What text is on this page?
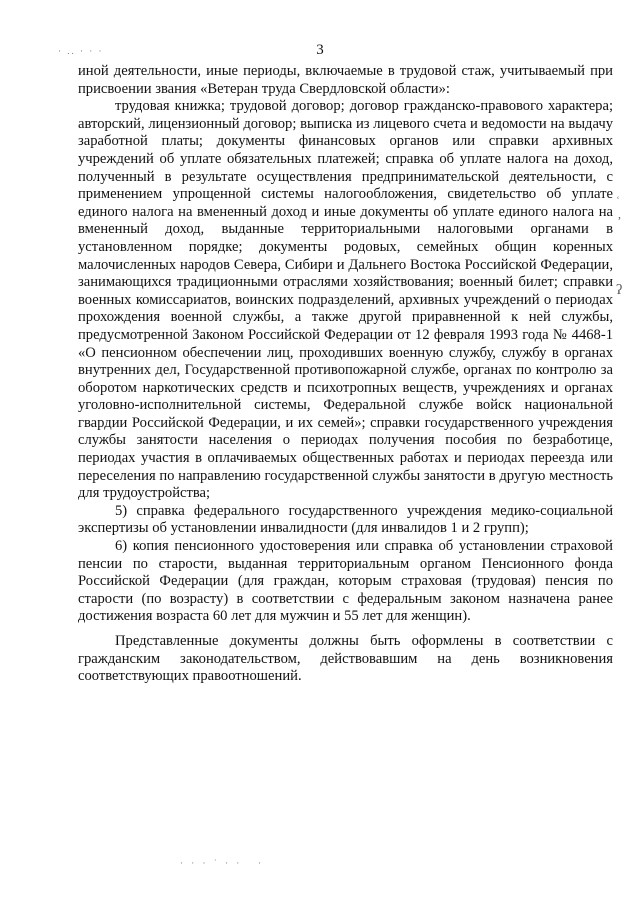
· .. · · ·	3

иной деятельности, иные периоды, включаемые в трудовой стаж, учитываемый при присвоении звания «Ветеран труда Свердловской области»:

трудовая книжка; трудовой договор; договор гражданско-правового характера; авторский, лицензионный договор; выписка из лицевого счета и ведомости на выдачу заработной платы; документы финансовых органов или справки архивных учреждений об уплате обязательных платежей; справка об уплате налога на доход, полученный в результате осуществления предпринимательской деятельности, с применением упрощенной системы налогообложения, свидетельство об уплате единого налога на вмененный доход и иные документы об уплате единого налога на вмененный доход, выданные территориальными налоговыми органами в установленном порядке; документы родовых, семейных общин коренных малочисленных народов Севера, Сибири и Дальнего Востока Российской Федерации, занимающихся традиционными отраслями хозяйствования; военный билет; справки военных комиссариатов, воинских подразделений, архивных учреждений о периодах прохождения военной службы, а также другой приравненной к ней службы, предусмотренной Законом Российской Федерации от 12 февраля 1993 года № 4468-1 «О пенсионном обеспечении лиц, проходивших военную службу, службу в органах внутренних дел, Государственной противопожарной службе, органах по контролю за оборотом наркотических средств и психотропных веществ, учреждениях и органах уголовно-исполнительной системы, Федеральной службе войск национальной гвардии Российской Федерации, и их семей»; справки государственного учреждения службы занятости населения о периодах получения пособия по безработице, периодах участия в оплачиваемых общественных работах и периодах переезда или переселения по направлению государственной службы занятости в другую местность для трудоустройства;

5) справка федерального государственного учреждения медико-социальной экспертизы об установлении инвалидности (для инвалидов 1 и 2 групп);

6) копия пенсионного удостоверения или справка об установлении страховой пенсии по старости, выданная территориальным органом Пенсионного фонда Российской Федерации (для граждан, которым страховая (трудовая) пенсия по старости (по возрасту) в соответствии с федеральным законом назначена ранее достижения возраста 60 лет для мужчин и 55 лет для женщин).

Представленные документы должны быть оформлены в соответствии с гражданским законодательством, действовавшим на день возникновения соответствующих правоотношений.

ʿ
,
ʔ
· · · ˙ · · ·
